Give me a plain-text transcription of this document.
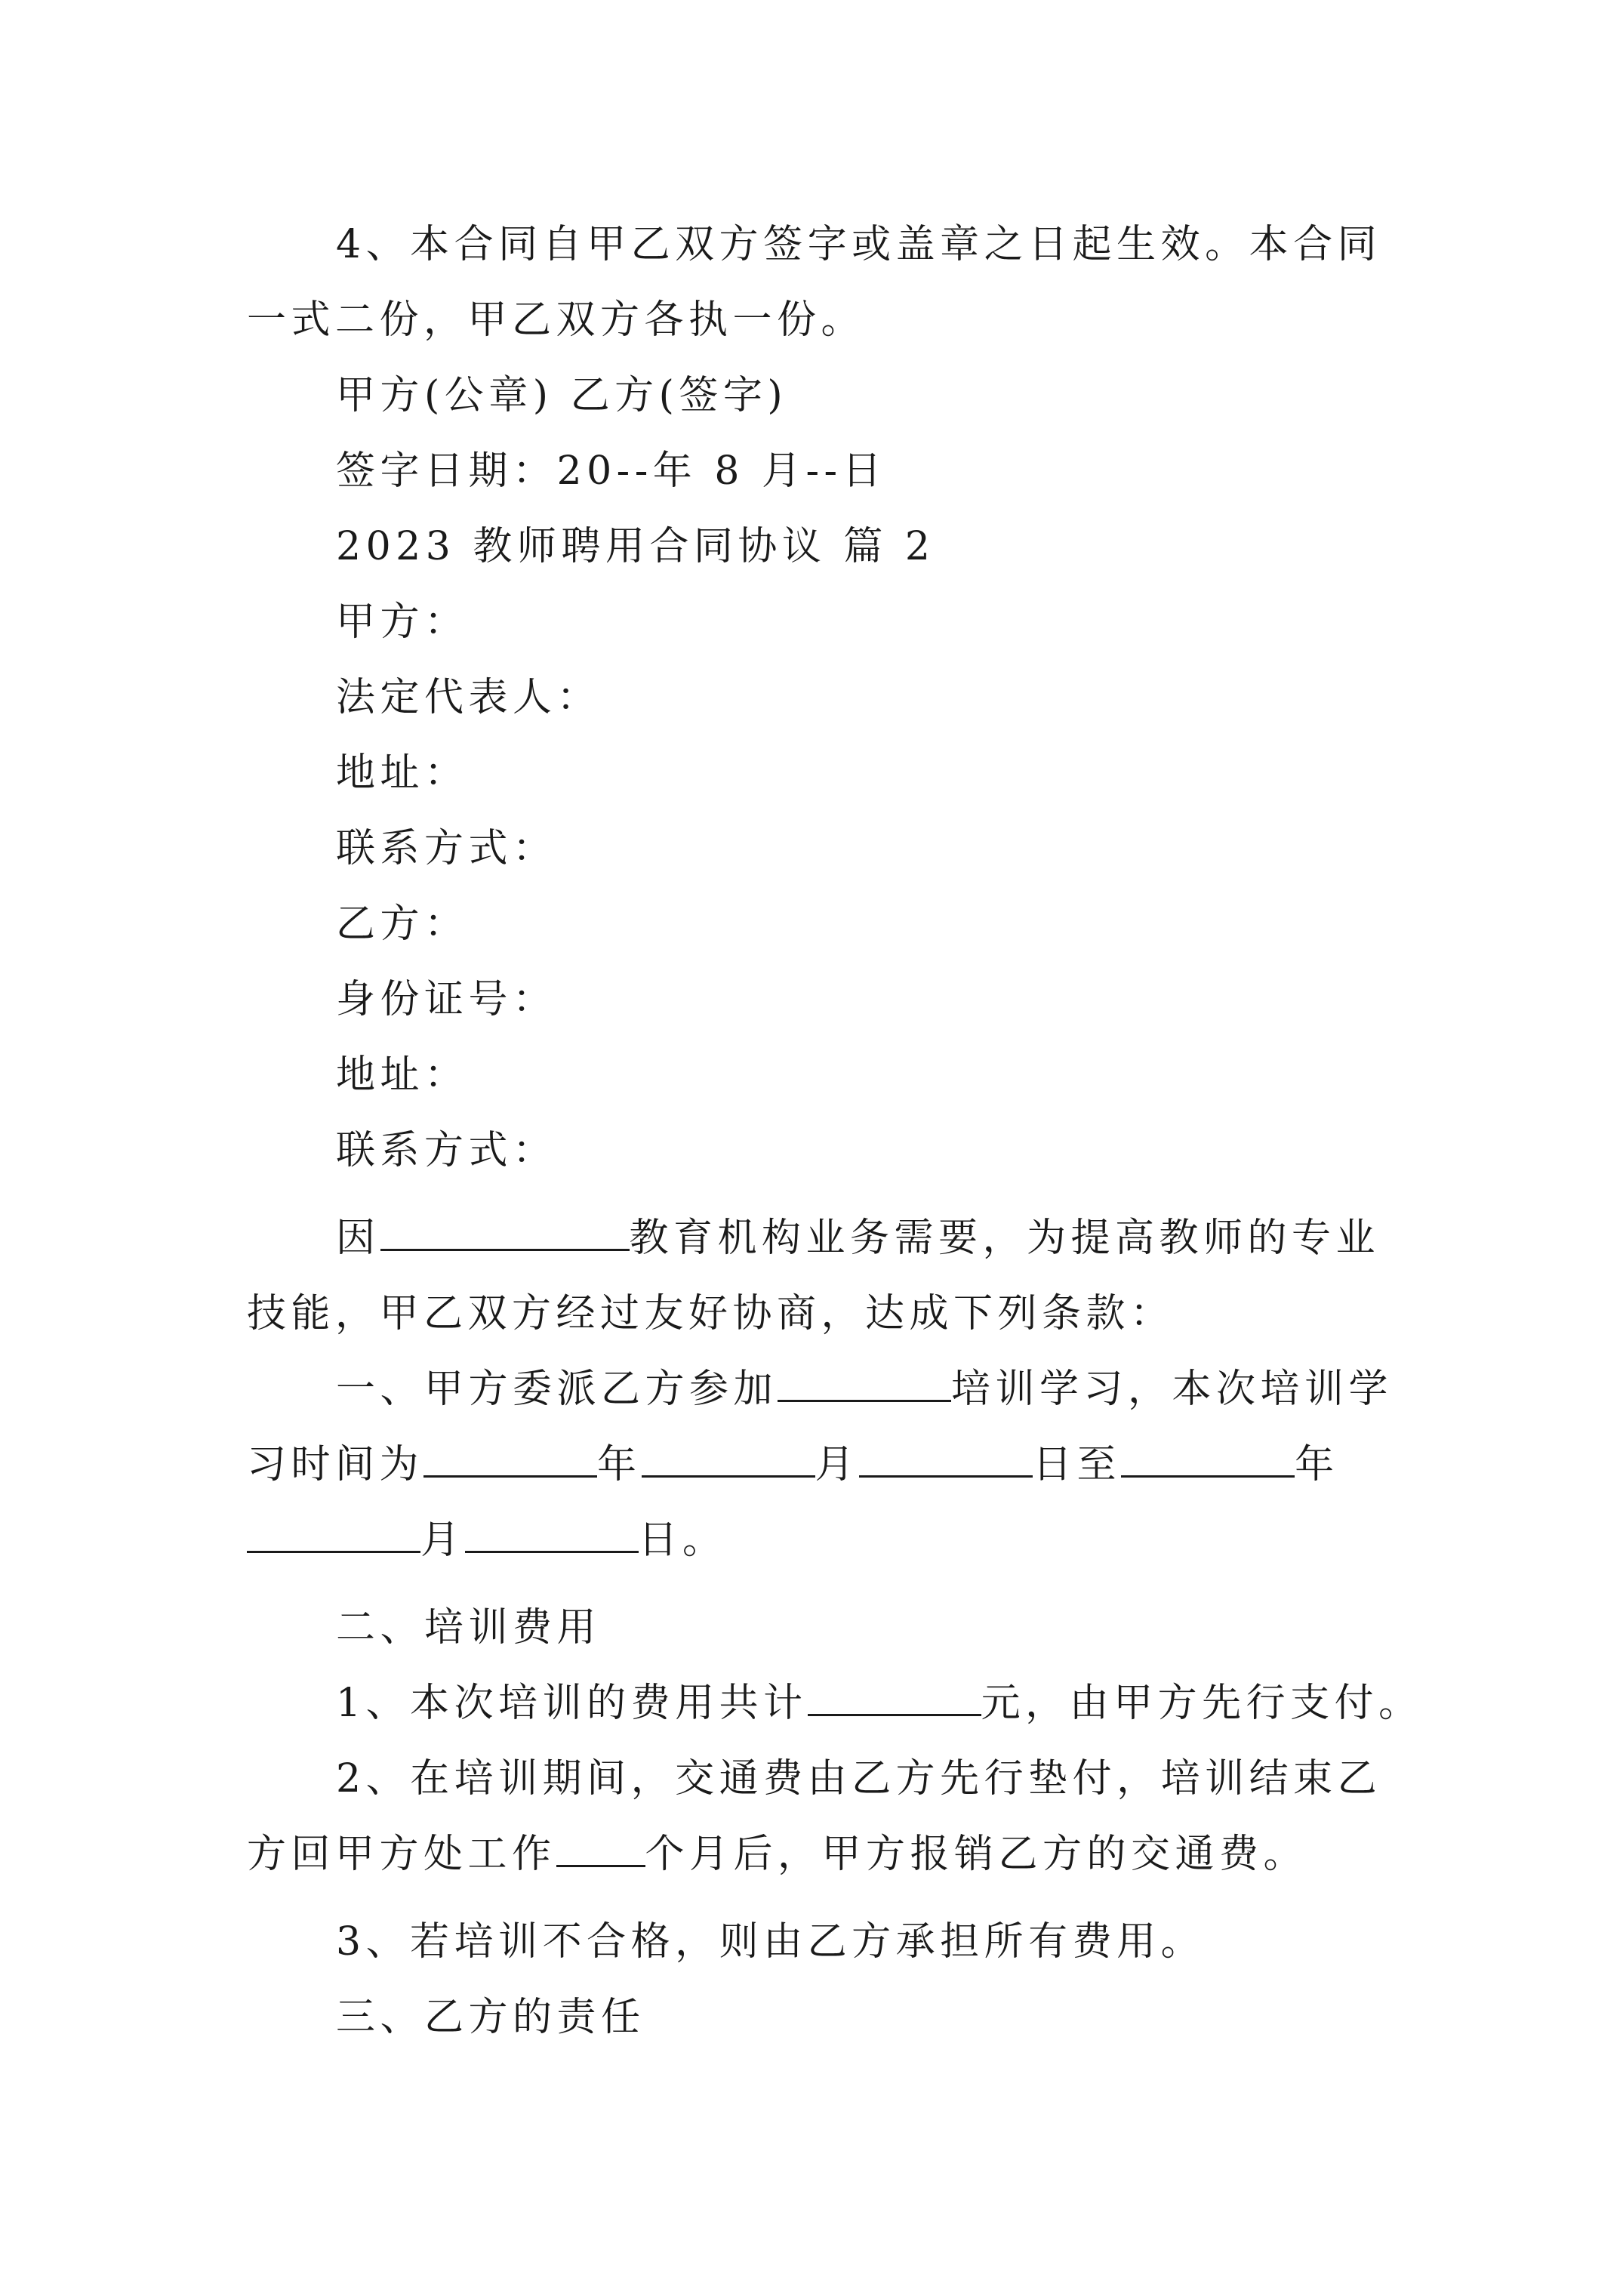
4、本合同自甲乙双方签字或盖章之日起生效。本合同
一式二份，甲乙双方各执一份。
甲方(公章) 乙方(签字)
签字日期：20--年 8 月--日
2023 教师聘用合同协议 篇 2
甲方：
法定代表人：
地址：
联系方式：
乙方：
身份证号：
地址：
联系方式：
因	教育机构业务需要，为提高教师的专业
技能，甲乙双方经过友好协商，达成下列条款：
一、甲方委派乙方参加	培训学习，本次培训学
习时间为	年	月	日至	年
月	日。
二、培训费用
1、本次培训的费用共计	元，由甲方先行支付。
2、在培训期间，交通费由乙方先行垫付，培训结束乙
方回甲方处工作 个月后，甲方报销乙方的交通费。
3、若培训不合格，则由乙方承担所有费用。
三、乙方的责任
